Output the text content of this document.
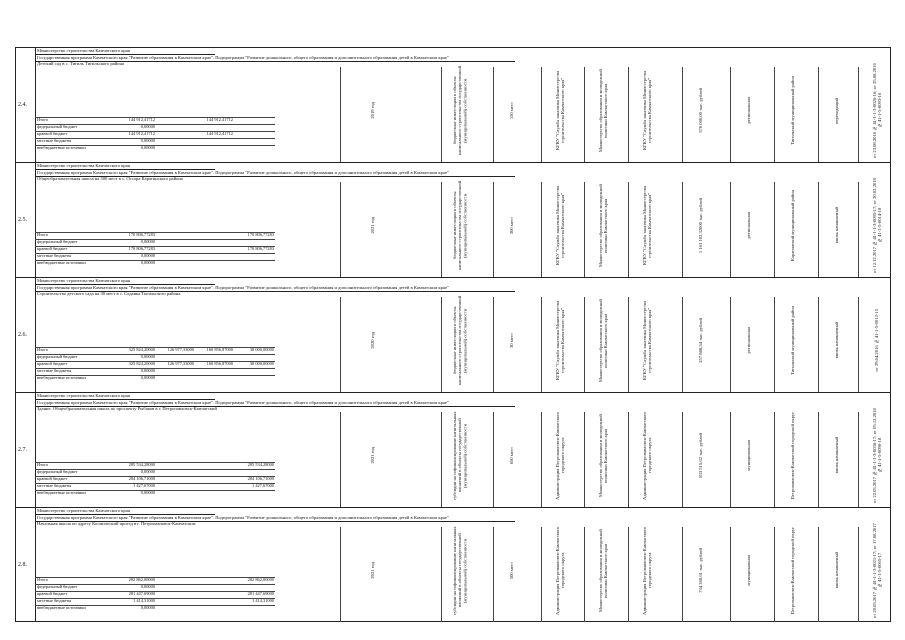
2.4.
Министерство строительства Камчатского края
Государственная программа Камчатского края "Развитие образования в Камчатском крае". Подпрограмма "Развитие дошкольного, общего образования и дополнительного образования детей в Камчатском крае"
Детский сад в с. Тигиль Тигильского района
Итого	144 912,41712	144 912,41712
федеральный бюджет	0,00000
краевой бюджет	144 912,41712	144 912,41712
местные бюджеты	0,00000
внебюджетные источники	0,00000
2019 год	бюджетные инвестиции в объекты капитального строительства государственной (муниципальной) собственности	150 мест	КГКУ "Служба заказчика Министерства строительства Камчатского края"	Министерство образования и молодежной политики Камчатского края	КГКУ "Служба заказчика Министерства строительства Камчатского края"	570 000,00 тыс. рублей	региональная	Тигильский муниципальный район	переходящий	от 23.08.2016 № 41-1-1-3-0026-16; от 25.08.2016 № 41-1-5-0093-16
2.5.
Министерство строительства Камчатского края
Государственная программа Камчатского края "Развитие образования в Камчатском крае". Подпрограмма "Развитие дошкольного, общего образования и дополнительного образования детей в Камчатском крае"
Общеобразовательная школа на 300 мест в с. Оссора Карагинского района
Итого	170 806,77283	170 806,77283
федеральный бюджет	0,00000
краевой бюджет	170 806,77283	170 806,77283
местные бюджеты	0,00000
внебюджетные источники	0,00000
2021 год	бюджетные инвестиции в объекты капитального строительства государственной (муниципальной) собственности	300 мест	КГКУ "Служба заказчика Министерства строительства Камчатского края"	Министерство образования и молодежной политики Камчатского края	КГКУ "Служба заказчика Министерства строительства Камчатского края"	1 163 102,32000 тыс. рублей	региональная	Карагинский муниципальный район	вновь начинаемый	от 12.12.2017 № 41-1-1-3-0095-17; от 20.02.2018 № 41-1-5-0014-18
2.6.
Министерство строительства Камчатского края
Государственная программа Камчатского края "Развитие образования в Камчатском крае". Подпрограмма "Развитие дошкольного, общего образования и дополнительного образования детей в Камчатском крае"
Строительство детского сада на 30 мест в с. Седанка Тигильского района
Итого	325 824,20000	126 977,33000	160 856,87000	38 000,00000
федеральный бюджет	0,00000
краевой бюджет	325 824,20000	126 977,33000	160 856,87000	38 000,00000
местные бюджеты	0,00000
внебюджетные источники	0,00000
2020 год	бюджетные инвестиции в объекты капитального строительства государственной (муниципальной) собственности	30 мест	КГКУ "Служба заказчика Министерства строительства Камчатского края"	Министерство образования и молодежной политики Камчатского края	КГКУ "Служба заказчика Министерства строительства Камчатского края"	257 888,54 тыс. рублей	региональная	Тигильский муниципальный район	вновь начинаемый	от 29.04.2016 № 41-1-5-0012-15
2.7.
Министерство строительства Камчатского края
Государственная программа Камчатского края "Развитие образования в Камчатском крае". Подпрограмма "Развитие дошкольного, общего образования и дополнительного образования детей в Камчатском крае"
Здание. Общеобразовательная школа по проспекту Рыбаков в г. Петропавловск-Камчатский
Итого	285 534,28000	285 534,28000
федеральный бюджет	0,00000
краевой бюджет	284 106,71000	284 106,71000
местные бюджеты	1 427,67000	1 427,67000
внебюджетные источники	0,00000
2021 год	субсидии на софинансирование капитальных вложений в объекты государственной (муниципальной) собственности	650 мест	Администрация Петропавловск-Камчатского городского округа	Министерство образования и молодежной политики Камчатского края	Администрация Петропавловск-Камчатского городского округа	833 515,62 тыс. рублей	муниципальная	Петропавловск-Камчатский городской округ	вновь начинаемый	от 22.05.2017 № 41-1-1-3-0036-17; от 05.12.2018 № 41-1-5-0090-18
2.8.
Министерство строительства Камчатского края
Государственная программа Камчатского края "Развитие образования в Камчатском крае". Подпрограмма "Развитие дошкольного, общего образования и дополнительного образования детей в Камчатском крае"
Начальная школа по адресу Космический проезд в г. Петропавловск-Камчатском
Итого	282 862,00000	282 862,00000
федеральный бюджет	0,00000
краевой бюджет	281 447,69000	281 447,69000
местные бюджеты	1 414,31000	1 414,31000
внебюджетные источники	0,00000
2021 год	субсидии на софинансирование капитальных вложений в объекты государственной (муниципальной) собственности	500 мест	Администрация Петропавловск-Камчатского городского округа	Министерство образования и молодежной политики Камчатского края	Администрация Петропавловск-Камчатского городского округа	734 360,61 тыс. рублей	муниципальная	Петропавловск-Камчатский городской округ	вновь начинаемый	от 20.05.2017 № 41-1-1-3-0021-17; от 17.08.2017 № 41-1-5-0065-17
